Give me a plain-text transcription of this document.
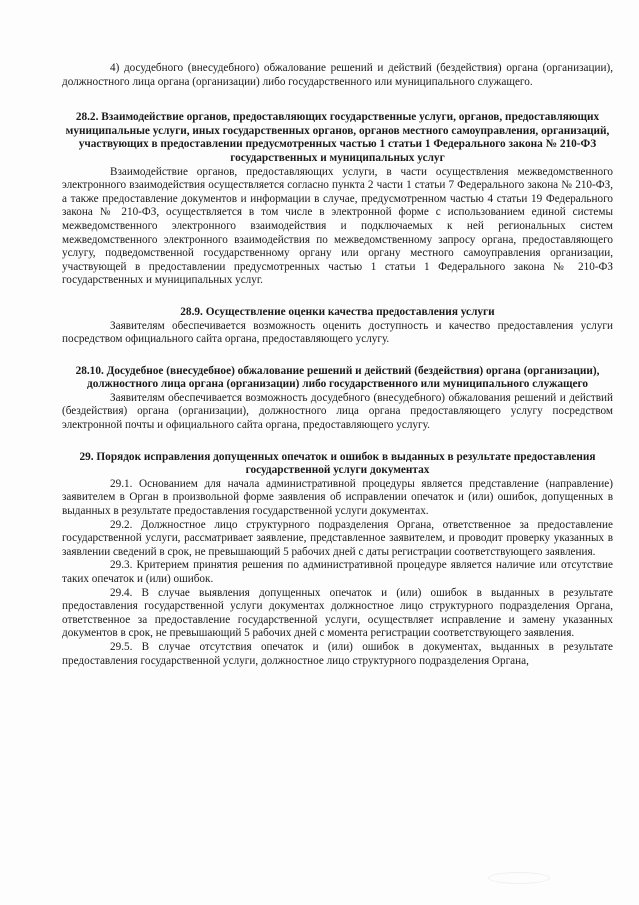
4) досудебного (внесудебного) обжалование решений и действий (бездействия) органа (организации), должностного лица органа (организации) либо государственного или муниципального служащего.

28.2. Взаимодействие органов, предоставляющих государственные услуги, органов, предоставляющих муниципальные услуги, иных государственных органов, органов местного самоуправления, организаций, участвующих в предоставлении предусмотренных частью 1 статьи 1 Федерального закона № 210-ФЗ государственных и муниципальных услуг

Взаимодействие органов, предоставляющих услуги, в части осуществления межведомственного электронного взаимодействия осуществляется согласно пункта 2 части 1 статьи 7 Федерального закона № 210-ФЗ, а также предоставление документов и информации в случае, предусмотренном частью 4 статьи 19 Федерального закона № 210-ФЗ, осуществляется в том числе в электронной форме с использованием единой системы межведомственного электронного взаимодействия и подключаемых к ней региональных систем межведомственного электронного взаимодействия по межведомственному запросу органа, предоставляющего услугу, подведомственной государственному органу или органу местного самоуправления организации, участвующей в предоставлении предусмотренных частью 1 статьи 1 Федерального закона № 210-ФЗ государственных и муниципальных услуг.

28.9. Осуществление оценки качества предоставления услуги

Заявителям обеспечивается возможность оценить доступность и качество предоставления услуги посредством официального сайта органа, предоставляющего услугу.

28.10. Досудебное (внесудебное) обжалование решений и действий (бездействия) органа (организации), должностного лица органа (организации) либо государственного или муниципального служащего

Заявителям обеспечивается возможность досудебного (внесудебного) обжалования решений и действий (бездействия) органа (организации), должностного лица органа предоставляющего услугу посредством электронной почты и официального сайта органа, предоставляющего услугу.

29. Порядок исправления допущенных опечаток и ошибок в выданных в результате предоставления государственной услуги документах

29.1. Основанием для начала административной процедуры является представление (направление) заявителем в Орган в произвольной форме заявления об исправлении опечаток и (или) ошибок, допущенных в выданных в результате предоставления государственной услуги документах.

29.2. Должностное лицо структурного подразделения Органа, ответственное за предоставление государственной услуги, рассматривает заявление, представленное заявителем, и проводит проверку указанных в заявлении сведений в срок, не превышающий 5 рабочих дней с даты регистрации соответствующего заявления.

29.3. Критерием принятия решения по административной процедуре является наличие или отсутствие таких опечаток и (или) ошибок.

29.4. В случае выявления допущенных опечаток и (или) ошибок в выданных в результате предоставления государственной услуги документах должностное лицо структурного подразделения Органа, ответственное за предоставление государственной услуги, осуществляет исправление и замену указанных документов в срок, не превышающий 5 рабочих дней с момента регистрации соответствующего заявления.

29.5. В случае отсутствия опечаток и (или) ошибок в документах, выданных в результате предоставления государственной услуги, должностное лицо структурного подразделения Органа,
